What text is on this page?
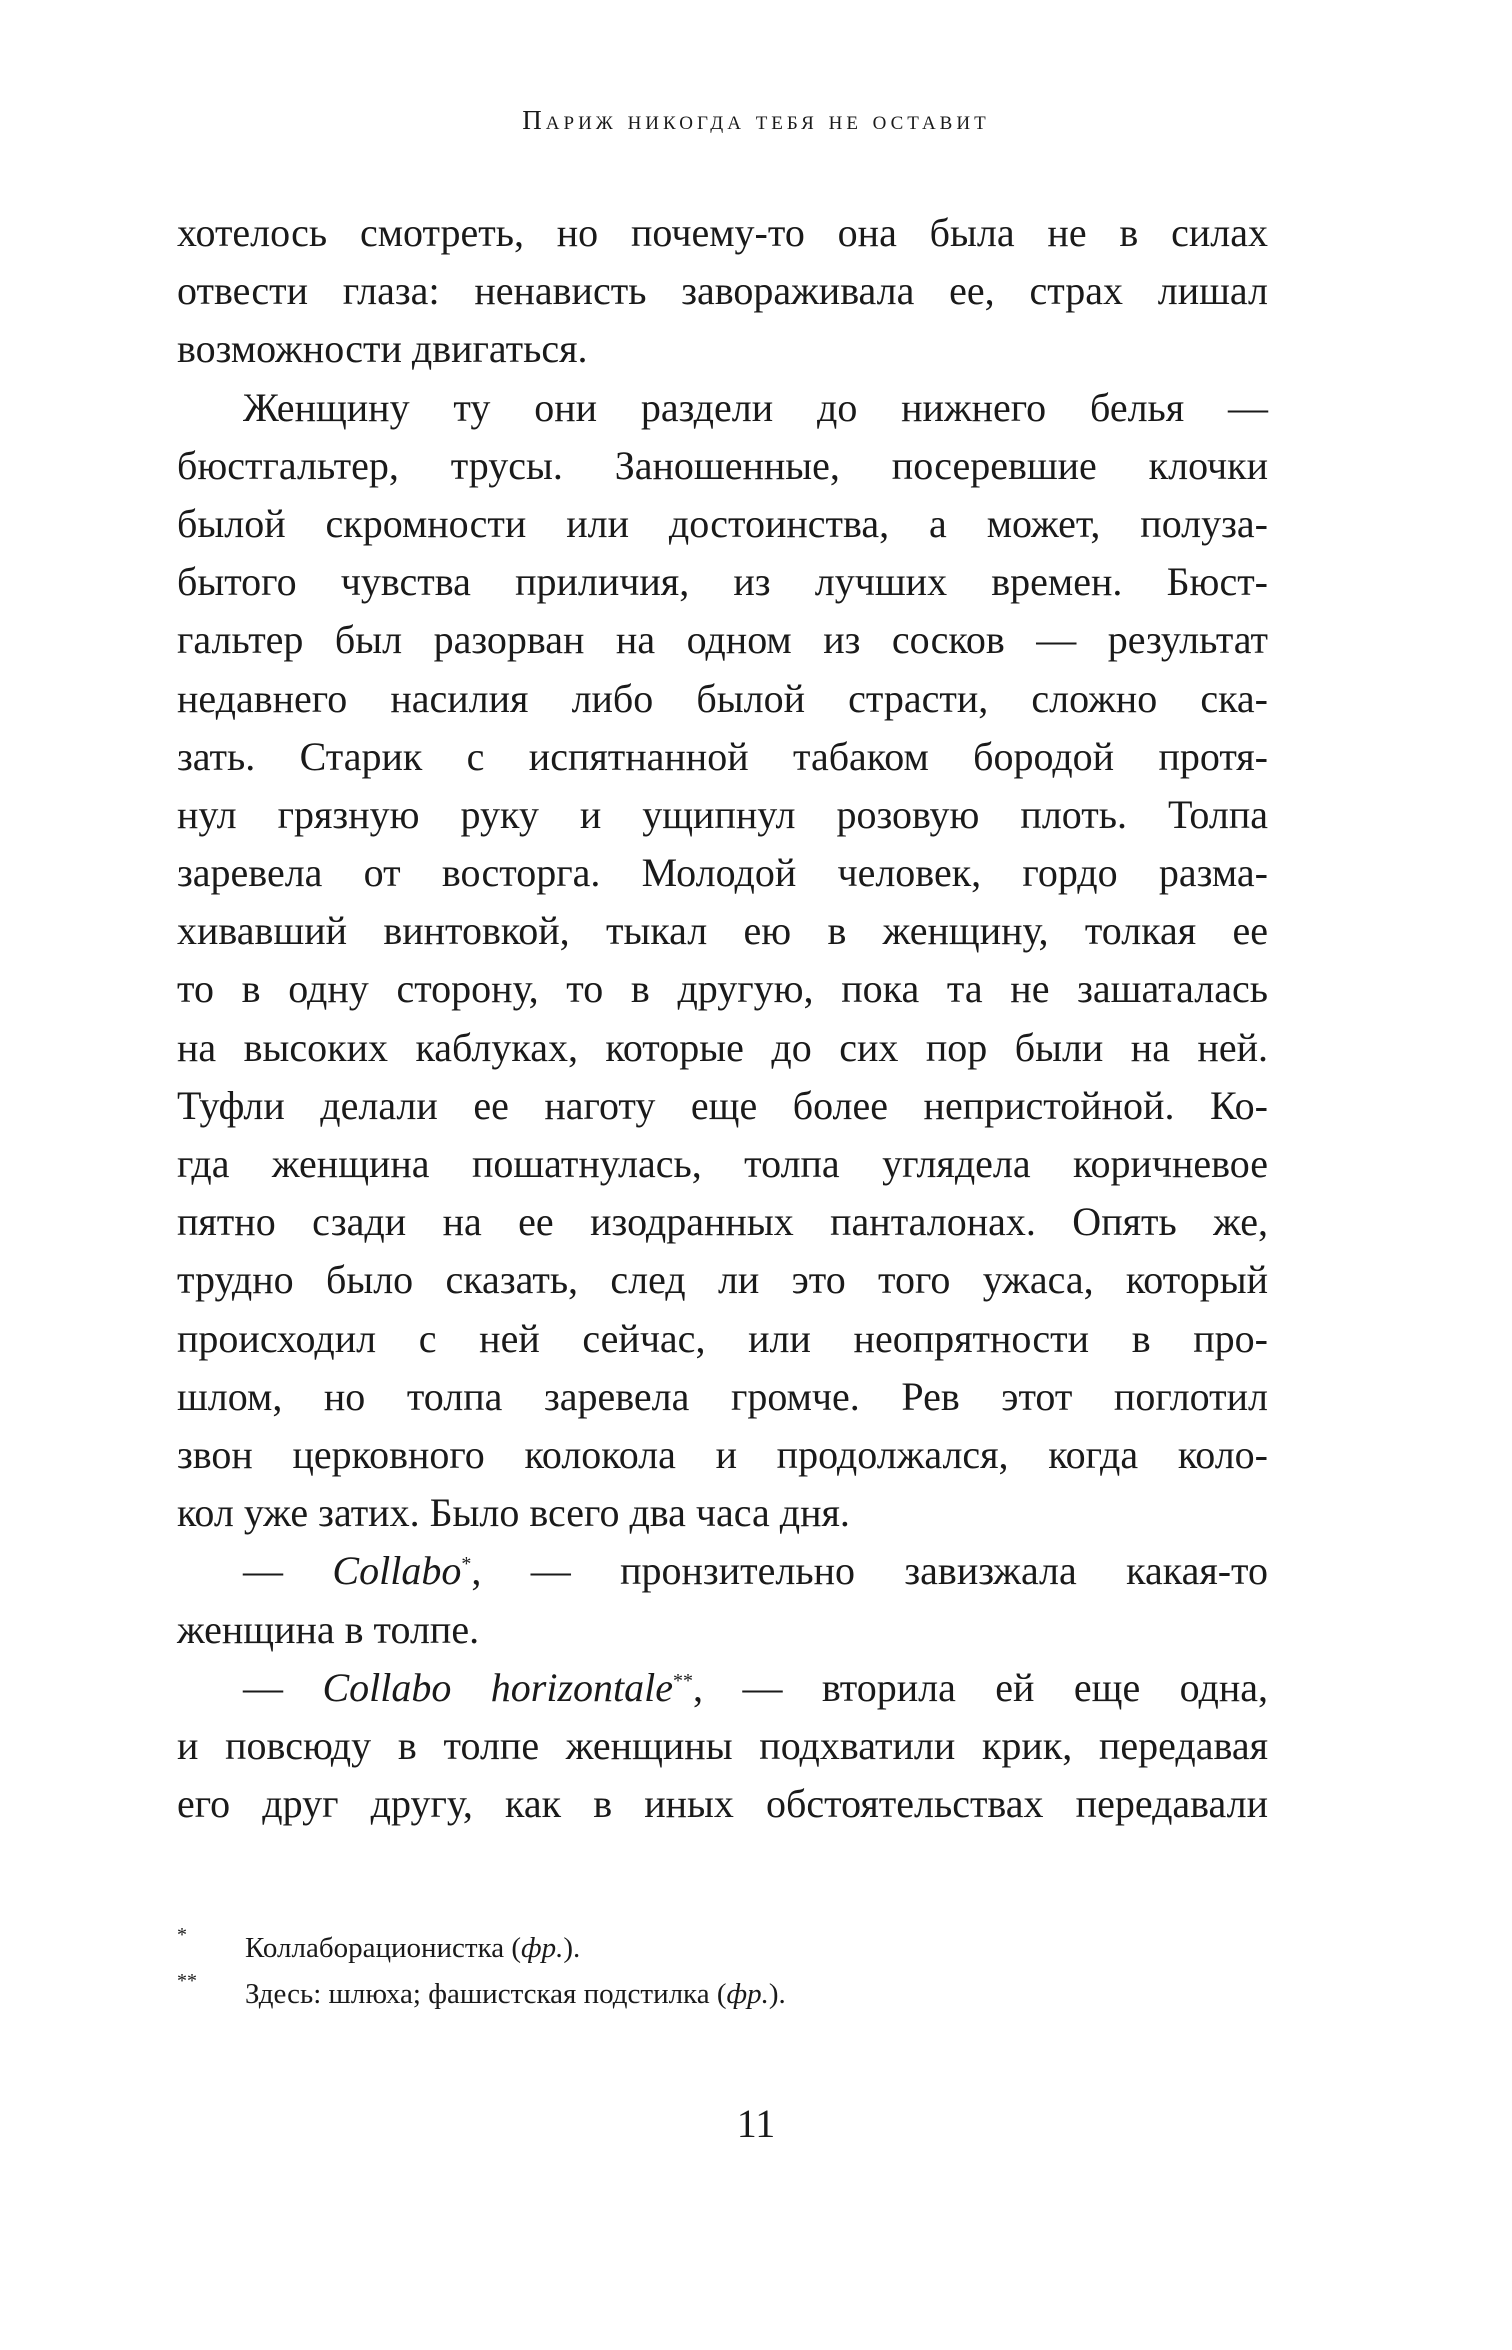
Париж никогда тебя не оставит
хотелось смотреть, но почему-то она была не в силах
отвести глаза: ненависть завораживала ее, страх лишал
возможности двигаться.
Женщину ту они раздели до нижнего белья —
бюстгальтер, трусы. Заношенные, посеревшие клочки
былой скромности или достоинства, а может, полуза-
бытого чувства приличия, из лучших времен. Бюст-
гальтер был разорван на одном из сосков — результат
недавнего насилия либо былой страсти, сложно ска-
зать. Старик с испятнанной табаком бородой протя-
нул грязную руку и ущипнул розовую плоть. Толпа
заревела от восторга. Молодой человек, гордо разма-
хивавший винтовкой, тыкал ею в женщину, толкая ее
то в одну сторону, то в другую, пока та не зашаталась
на высоких каблуках, которые до сих пор были на ней.
Туфли делали ее наготу еще более непристойной. Ко-
гда женщина пошатнулась, толпа углядела коричневое
пятно сзади на ее изодранных панталонах. Опять же,
трудно было сказать, след ли это того ужаса, который
происходил с ней сейчас, или неопрятности в про-
шлом, но толпа заревела громче. Рев этот поглотил
звон церковного колокола и продолжался, когда коло-
кол уже затих. Было всего два часа дня.
— Collabo*, — пронзительно завизжала какая-то
женщина в толпе.
— Collabo horizontale**, — вторила ей еще одна,
и повсюду в толпе женщины подхватили крик, передавая
его друг другу, как в иных обстоятельствах передавали
* Коллаборационистка (фр.).
** Здесь: шлюха; фашистская подстилка (фр.).
11
